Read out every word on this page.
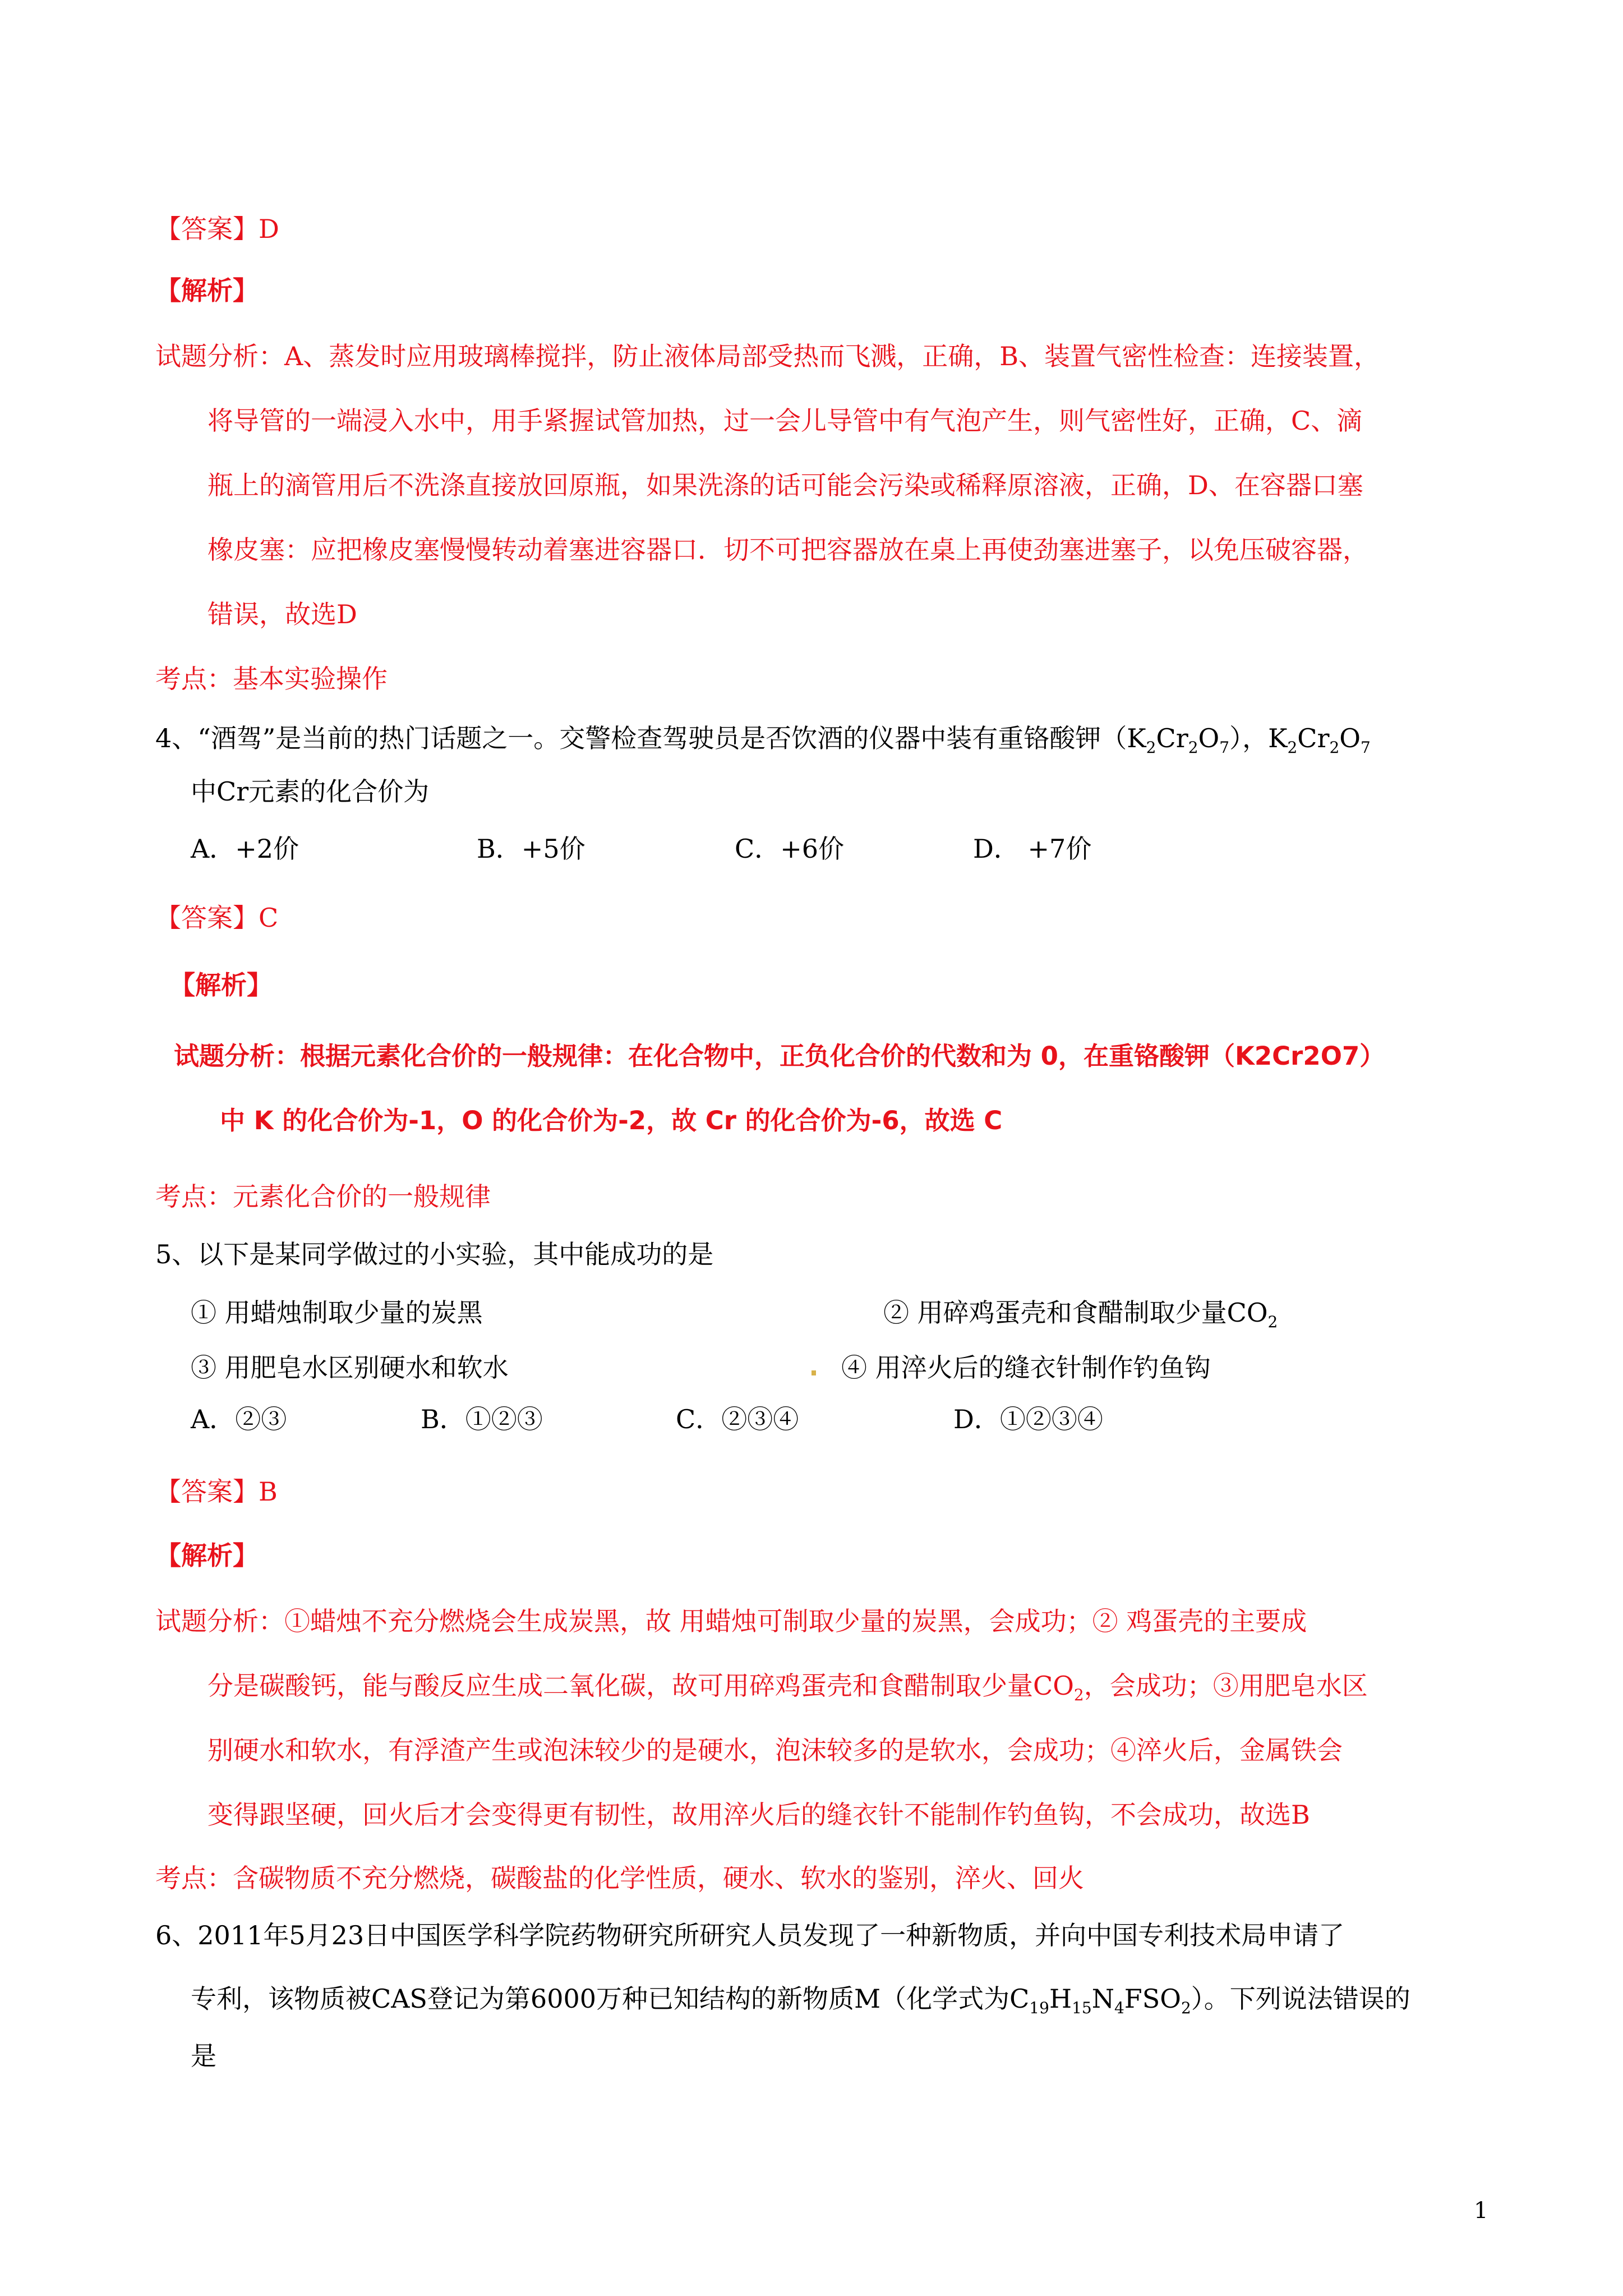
【答案】D
【解析】
试题分析：A、蒸发时应用玻璃棒搅拌，防止液体局部受热而飞溅，正确，B、装置气密性检查：连接装置，
将导管的一端浸入水中，用手紧握试管加热，过一会儿导管中有气泡产生，则气密性好，正确，C、滴
瓶上的滴管用后不洗涤直接放回原瓶，如果洗涤的话可能会污染或稀释原溶液，正确，D、在容器口塞
橡皮塞：应把橡皮塞慢慢转动着塞进容器口．切不可把容器放在桌上再使劲塞进塞子，以免压破容器，
错误，故选D
考点：基本实验操作
4、“酒驾”是当前的热门话题之一。交警检查驾驶员是否饮酒的仪器中装有重铬酸钾$(K_2Cr_2O_7)$，$K_2Cr_2O_7$
中Cr元素的化合价为
A．+2价	B．+5价	C．+6价	D． +7价
【答案】C
【解析】
试题分析：根据元素化合价的一般规律：在化合物中，正负化合价的代数和为 0，在重铬酸钾（K2Cr2O7）
中 K 的化合价为-1，O 的化合价为-2，故 Cr 的化合价为-6，故选 C
考点：元素化合价的一般规律
5、以下是某同学做过的小实验，其中能成功的是
① 用蜡烛制取少量的炭黑	② 用碎鸡蛋壳和食醋制取少量$CO_2$
③ 用肥皂水区别硬水和软水	④ 用淬火后的缝衣针制作钓鱼钩
A．②③	B．①②③	C．②③④	D．①②③④
【答案】B
【解析】
试题分析：①蜡烛不充分燃烧会生成炭黑，故 用蜡烛可制取少量的炭黑，会成功；② 鸡蛋壳的主要成
分是碳酸钙，能与酸反应生成二氧化碳，故可用碎鸡蛋壳和食醋制取少量$CO_2$，会成功；③用肥皂水区
别硬水和软水，有浮渣产生或泡沫较少的是硬水，泡沫较多的是软水，会成功；④淬火后，金属铁会
变得跟坚硬，回火后才会变得更有韧性，故用淬火后的缝衣针不能制作钓鱼钩，不会成功，故选B
考点：含碳物质不充分燃烧，碳酸盐的化学性质，硬水、软水的鉴别，淬火、回火
6、2011年5月23日中国医学科学院药物研究所研究人员发现了一种新物质，并向中国专利技术局申请了
专利，该物质被CAS登记为第6000万种已知结构的新物质M（化学式为$C_{19}H_{15}N_4FSO_2$）。下列说法错误的
是
1
